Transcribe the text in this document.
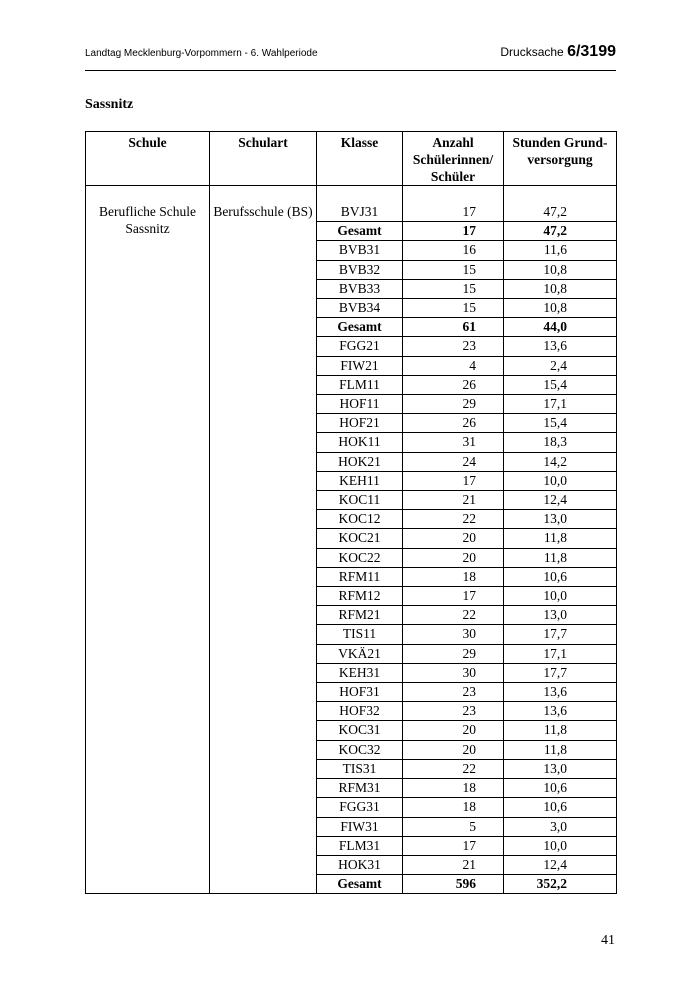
Landtag Mecklenburg-Vorpommern - 6. Wahlperiode	Drucksache 6/3199
Sassnitz
Schule	Schulart	Klasse	Anzahl Schülerinnen/ Schüler	Stunden Grund-versorgung

Berufliche Schule Sassnitz	Berufsschule (BS)	BVJ31	17	47,2
		Gesamt	17	47,2
		BVB31	16	11,6
		BVB32	15	10,8
		BVB33	15	10,8
		BVB34	15	10,8
		Gesamt	61	44,0
		FGG21	23	13,6
		FIW21	4	2,4
		FLM11	26	15,4
		HOF11	29	17,1
		HOF21	26	15,4
		HOK11	31	18,3
		HOK21	24	14,2
		KEH11	17	10,0
		KOC11	21	12,4
		KOC12	22	13,0
		KOC21	20	11,8
		KOC22	20	11,8
		RFM11	18	10,6
		RFM12	17	10,0
		RFM21	22	13,0
		TIS11	30	17,7
		VKÄ21	29	17,1
		KEH31	30	17,7
		HOF31	23	13,6
		HOF32	23	13,6
		KOC31	20	11,8
		KOC32	20	11,8
		TIS31	22	13,0
		RFM31	18	10,6
		FGG31	18	10,6
		FIW31	5	3,0
		FLM31	17	10,0
		HOK31	21	12,4
		Gesamt	596	352,2
41
